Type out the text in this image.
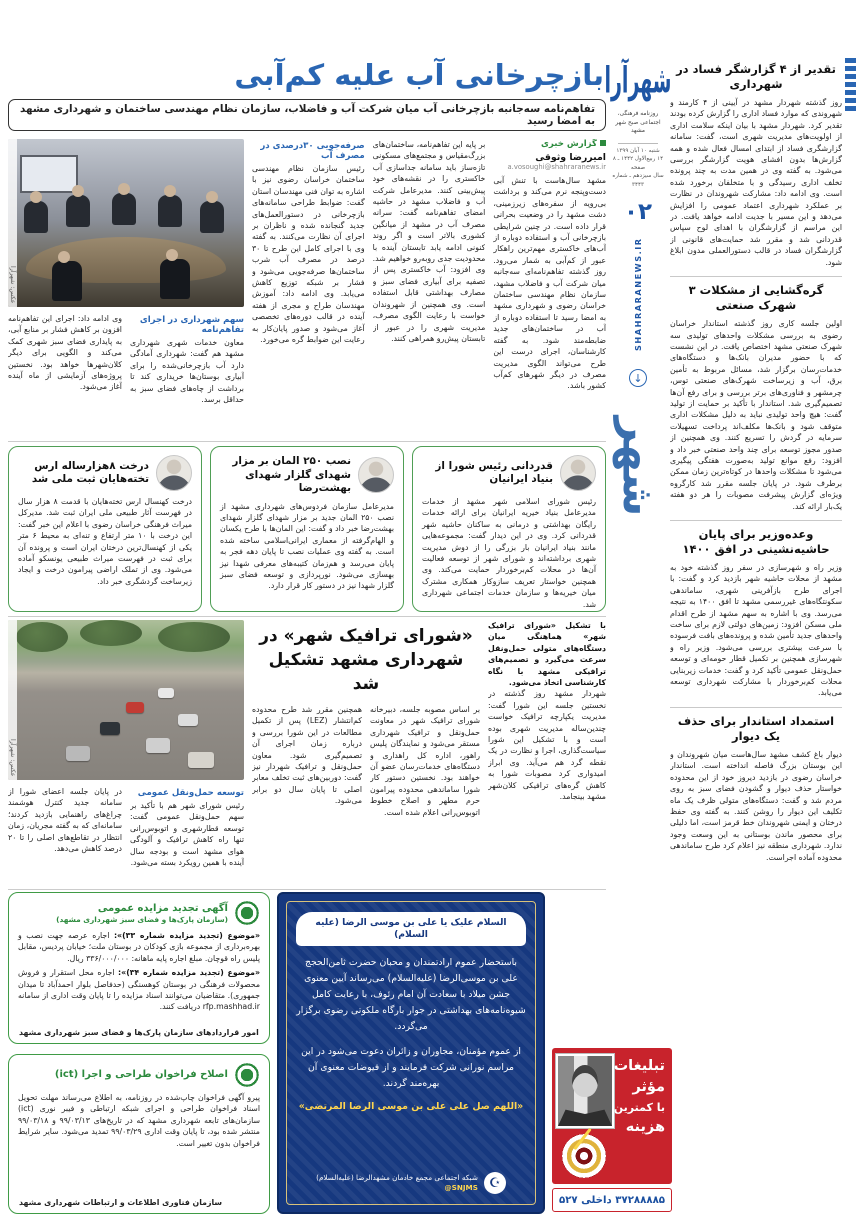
تقدیر از ۴ گزارشگر فساد در شهرداری

روز گذشته شهردار مشهد در آیینی از ۴ کارمند و شهروندی که موارد فساد اداری را گزارش کرده بودند تقدیر کرد. شهردار مشهد با بیان اینکه سلامت اداری از اولویت‌های مدیریت شهری است، گفت: سامانه گزارشگری فساد از ابتدای امسال فعال شده و همه گزارش‌ها بدون افشای هویت گزارشگر بررسی می‌شود. به گفته وی در همین مدت به چند پرونده تخلف اداری رسیدگی و با متخلفان برخورد شده است. وی ادامه داد: مشارکت شهروندان در نظارت بر عملکرد شهرداری اعتماد عمومی را افزایش می‌دهد و این مسیر با جدیت ادامه خواهد یافت. در این مراسم از گزارشگران با اهدای لوح سپاس قدردانی شد و مقرر شد حمایت‌های قانونی از گزارشگران فساد در قالب دستورالعملی مدون ابلاغ شود.

گره‌گشایی از مشکلات ۳ شهرک صنعتی

اولین جلسه کاری روز گذشته استاندار خراسان رضوی به بررسی مشکلات واحدهای تولیدی سه شهرک صنعتی مشهد اختصاص یافت. در این نشست که با حضور مدیران بانک‌ها و دستگاه‌های خدمات‌رسان برگزار شد، مسائل مربوط به تأمین برق، آب و زیرساخت شهرک‌های صنعتی توس، چرمشهر و فناوری‌های برتر بررسی و برای رفع آن‌ها تصمیم‌گیری شد. استاندار با تأکید بر حمایت از تولید گفت: هیچ واحد تولیدی نباید به دلیل مشکلات اداری متوقف شود و بانک‌ها مکلف‌اند پرداخت تسهیلات سرمایه در گردش را تسریع کنند. وی همچنین از صدور مجوز توسعه برای چند واحد صنعتی خبر داد و افزود: رفع موانع تولید به‌صورت هفتگی پیگیری می‌شود تا مشکلات واحدها در کوتاه‌ترین زمان ممکن برطرف شود. در پایان جلسه مقرر شد کارگروه ویژه‌ای گزارش پیشرفت مصوبات را هر دو هفته یک‌بار ارائه کند.

وعده‌وزیر برای پایان حاشیه‌نشینی در افق ۱۴۰۰

وزیر راه و شهرسازی در سفر روز گذشته خود به مشهد از محلات حاشیه شهر بازدید کرد و گفت: با اجرای طرح بازآفرینی شهری، ساماندهی سکونتگاه‌های غیررسمی مشهد تا افق ۱۴۰۰ به نتیجه می‌رسد. وی با اشاره به سهم مشهد از طرح اقدام ملی مسکن افزود: زمین‌های دولتی لازم برای ساخت واحدهای جدید تأمین شده و پرونده‌های بافت فرسوده با سرعت بیشتری بررسی می‌شود. وزیر راه و شهرسازی همچنین بر تکمیل قطار حومه‌ای و توسعه حمل‌ونقل عمومی تأکید کرد و گفت: خدمات زیربنایی محلات کم‌برخوردار با مشارکت شهرداری توسعه می‌یابد.

استمداد استاندار برای حذف یک دیوار

دیوار باغ کشف مشهد سال‌هاست میان شهروندان و این بوستان بزرگ فاصله انداخته است. استاندار خراسان رضوی در بازدید دیروز خود از این محدوده خواستار حذف دیوار و گشودن فضای سبز به روی مردم شد و گفت: دستگاه‌های متولی ظرف یک ماه تکلیف این دیوار را روشن کنند. به گفته وی حفظ درختان و ایمنی شهروندان خط قرمز است، اما دلیلی برای محصور ماندن بوستانی به این وسعت وجود ندارد. شهرداری منطقه نیز اعلام کرد طرح ساماندهی محدوده آماده اجراست.

شهرآرا
روزنامه فرهنگی، اجتماعی صبح شهر مشهد
شنبه ۱۰ آبان ۱۳۹۹
۱۴ ربیع‌الاول ۱۴۴۲ ـ ۸ صفحه
سال سیزدهم ـ شماره ۳۴۴۳
۰۲
SHAHRARANEWS.IR
↓
شهر
بازچرخانی آب علیه کم‌آبی
تفاهم‌نامه سه‌جانبه بازچرخانی آب میان شرکت آب و فاضلاب، سازمان نظام مهندسی ساختمان و شهرداری مشهد به امضا رسید
گزارش خبری
امیررضا وثوقی
a.vosoughi@shahraranews.ir

مشهد سال‌هاست با تنش آبی دست‌وپنجه نرم می‌کند و برداشت بی‌رویه از سفره‌های زیرزمینی، دشت مشهد را در وضعیت بحرانی قرار داده است. در چنین شرایطی بازچرخانی آب و استفاده دوباره از آب‌های خاکستری مهم‌ترین راهکار عبور از کم‌آبی به شمار می‌رود. روز گذشته تفاهم‌نامه‌ای سه‌جانبه میان شرکت آب و فاضلاب مشهد، سازمان نظام مهندسی ساختمان خراسان رضوی و شهرداری مشهد به امضا رسید تا استفاده دوباره از آب در ساختمان‌های جدید ضابطه‌مند شود. به گفته کارشناسان، اجرای درست این طرح می‌تواند الگوی مدیریت مصرف در دیگر شهرهای کم‌آب کشور باشد.

بر پایه این تفاهم‌نامه، ساختمان‌های بزرگ‌مقیاس و مجتمع‌های مسکونی تازه‌ساز باید سامانه جداسازی آب خاکستری را در نقشه‌های خود پیش‌بینی کنند. مدیرعامل شرکت آب و فاضلاب مشهد در حاشیه امضای تفاهم‌نامه گفت: سرانه مصرف آب در مشهد از میانگین کشوری بالاتر است و اگر روند کنونی ادامه یابد تابستان آینده با محدودیت جدی روبه‌رو خواهیم شد. وی افزود: آب خاکستری پس از تصفیه برای آبیاری فضای سبز و مصارف بهداشتی قابل استفاده است. وی همچنین از شهروندان خواست با رعایت الگوی مصرف، مدیریت شهری را در عبور از تابستان پیش‌رو همراهی کنند.

صرفه‌جویی ۳۰درصدی در مصرف آب

رئیس سازمان نظام مهندسی ساختمان خراسان رضوی نیز با اشاره به توان فنی مهندسان استان گفت: ضوابط طراحی سامانه‌های بازچرخانی در دستورالعمل‌های جدید گنجانده شده و ناظران بر اجرای آن نظارت می‌کنند. به گفته وی با اجرای کامل این طرح تا ۳۰ درصد در مصرف آب شرب ساختمان‌ها صرفه‌جویی می‌شود و فشار بر شبکه توزیع کاهش می‌یابد. وی ادامه داد: آموزش مهندسان طراح و مجری از هفته آینده در قالب دوره‌های تخصصی آغاز می‌شود و صدور پایان‌کار به رعایت این ضوابط گره می‌خورد.

عکس: شهرآرا
سهم شهرداری در اجرای تفاهم‌نامه

معاون خدمات شهری شهرداری مشهد هم گفت: شهرداری آمادگی دارد آب بازچرخانی‌شده را برای آبیاری بوستان‌ها خریداری کند تا برداشت از چاه‌های فضای سبز به حداقل برسد.

وی ادامه داد: اجرای این تفاهم‌نامه افزون بر کاهش فشار بر منابع آبی، به پایداری فضای سبز شهری کمک می‌کند و الگویی برای دیگر کلان‌شهرها خواهد بود. نخستین پروژه‌های آزمایشی از ماه آینده آغاز می‌شود.

قدردانی رئیس شورا از بنیاد ایرانیان

رئیس شورای اسلامی شهر مشهد از خدمات مدیرعامل بنیاد خیریه ایرانیان برای ارائه خدمات رایگان بهداشتی و درمانی به ساکنان حاشیه شهر قدردانی کرد. وی در این دیدار گفت: مجموعه‌هایی مانند بنیاد ایرانیان بار بزرگی را از دوش مدیریت شهری برداشته‌اند و شورای شهر از توسعه فعالیت آن‌ها در محلات کم‌برخوردار حمایت می‌کند. وی همچنین خواستار تعریف سازوکار همکاری مشترک میان خیریه‌ها و سازمان خدمات اجتماعی شهرداری شد.

نصب ۲۵۰ المان بر مزار شهدای گلزار شهدای بهشت‌رضا

مدیرعامل سازمان فردوس‌های شهرداری مشهد از نصب ۲۵۰ المان جدید بر مزار شهدای گلزار شهدای بهشت‌رضا خبر داد و گفت: این المان‌ها با طرح یکسان و الهام‌گرفته از معماری ایرانی‌اسلامی ساخته شده است. به گفته وی عملیات نصب تا پایان دهه فجر به پایان می‌رسد و هم‌زمان کتیبه‌های معرفی شهدا نیز بهسازی می‌شود. نورپردازی و توسعه فضای سبز گلزار شهدا نیز در دستور کار قرار دارد.

درخت ۸هزارساله ارس تخته‌هایان ثبت ملی شد

درخت کهنسال ارس تخته‌هایان با قدمت ۸ هزار سال در فهرست آثار طبیعی ملی ایران ثبت شد. مدیرکل میراث فرهنگی خراسان رضوی با اعلام این خبر گفت: این درخت با ۱۰ متر ارتفاع و تنه‌ای به محیط ۶ متر یکی از کهنسال‌ترین درختان ایران است و پرونده آن برای ثبت در فهرست میراث طبیعی یونسکو آماده می‌شود. وی از تملک اراضی پیرامون درخت و ایجاد زیرساخت گردشگری خبر داد.

با تشکیل «شورای ترافیک شهر» هماهنگی میان دستگاه‌های متولی حمل‌ونقل سرعت می‌گیرد و تصمیم‌های ترافیکی مشهد با نگاه کارشناسی اتخاذ می‌شود.

شهردار مشهد روز گذشته در نخستین جلسه این شورا گفت: مدیریت یکپارچه ترافیک خواست چندین‌ساله مدیریت شهری بوده است و با تشکیل این شورا سیاست‌گذاری، اجرا و نظارت در یک نقطه گرد هم می‌آید. وی ابراز امیدواری کرد مصوبات شورا به کاهش گره‌های ترافیکی کلان‌شهر مشهد بینجامد.

«شورای ترافیک شهر» در شهرداری مشهد تشکیل شد

بر اساس مصوبه جلسه، دبیرخانه شورای ترافیک شهر در معاونت حمل‌ونقل و ترافیک شهرداری مستقر می‌شود و نمایندگان پلیس راهور، اداره کل راهداری و دستگاه‌های خدمات‌رسان عضو آن خواهند بود. نخستین دستور کار شورا ساماندهی محدوده پیرامون حرم مطهر و اصلاح خطوط اتوبوس‌رانی اعلام شده است.

همچنین مقرر شد طرح محدوده کم‌انتشار (LEZ) پس از تکمیل مطالعات در این شورا بررسی و درباره زمان اجرای آن تصمیم‌گیری شود. معاون حمل‌ونقل و ترافیک شهردار نیز گفت: دوربین‌های ثبت تخلف معابر اصلی تا پایان سال دو برابر می‌شود.

عکس: شهرآرا
توسعه حمل‌ونقل عمومی

رئیس شورای شهر هم با تأکید بر سهم حمل‌ونقل عمومی گفت: توسعه قطارشهری و اتوبوس‌رانی تنها راه کاهش ترافیک و آلودگی هوای مشهد است و بودجه سال آینده با همین رویکرد بسته می‌شود.

در پایان جلسه اعضای شورا از سامانه جدید کنترل هوشمند چراغ‌های راهنمایی بازدید کردند؛ سامانه‌ای که به گفته مجریان، زمان انتظار در تقاطع‌های اصلی را تا ۲۰ درصد کاهش می‌دهد.

آگهی تجدید مزایده عمومی
(سازمان پارک‌ها و فضای سبز شهرداری مشهد)

«موضوع (تجدید مزایده شماره ۳۳)»: اجاره عرصه جهت نصب و بهره‌برداری از مجموعه بازی کودکان در بوستان ملت؛ خیابان پردیس، مقابل پلیس راه قوچان. مبلغ اجاره پایه ماهانه: ۳۳۶/۰۰۰/۰۰۰ ریال.

«موضوع (تجدید مزایده شماره ۳۴)»: اجاره محل استقرار و فروش محصولات فرهنگی در بوستان کوهسنگی (حدفاصل بلوار احمدآباد تا میدان جمهوری). متقاضیان می‌توانند اسناد مزایده را تا پایان وقت اداری از سامانه rfp.mashhad.ir دریافت کنند.

امور قراردادهای سازمان پارک‌ها و فضای سبز شهرداری مشهد
اصلاح فراخوان طراحی و اجرا (ict)

پیرو آگهی فراخوان چاپ‌شده در روزنامه، به اطلاع می‌رساند مهلت تحویل اسناد فراخوان طراحی و اجرای شبکه ارتباطی و فیبر نوری (ict) سازمان‌های تابعه شهرداری مشهد که در تاریخ‌های ۹۹/۰۳/۱۳ و ۹۹/۰۳/۱۸ منتشر شده بود، تا پایان وقت اداری ۹۹/۰۳/۲۹ تمدید می‌شود. سایر شرایط فراخوان بدون تغییر است.

سازمان فناوری اطلاعات و ارتباطات شهرداری مشهد
السلام علیک یا علی بن موسی الرضا (علیه السلام)

باستحضار عموم ارادتمندان و محبان حضرت ثامن‌الحجج علی بن موسی‌الرضا (علیه‌السلام) می‌رساند آیین معنوی جشن میلاد با سعادت آن امام رئوف، با رعایت کامل شیوه‌نامه‌های بهداشتی در جوار بارگاه ملکوتی رضوی برگزار می‌گردد.

از عموم مؤمنان، مجاوران و زائران دعوت می‌شود در این مراسم نورانی شرکت فرمایند و از فیوضات معنوی آن بهره‌مند گردند.

«اللهم صل علی علی بن موسی الرضا المرتضی»
☪
شبکه اجتماعی مجمع خادمان مشهدالرضا (علیه‌السلام)
@SNJMS
تبلیغات
مؤثر
با کمترین
هزینه
۳۷۲۸۸۸۸۵ داخلی ۵۲۷
